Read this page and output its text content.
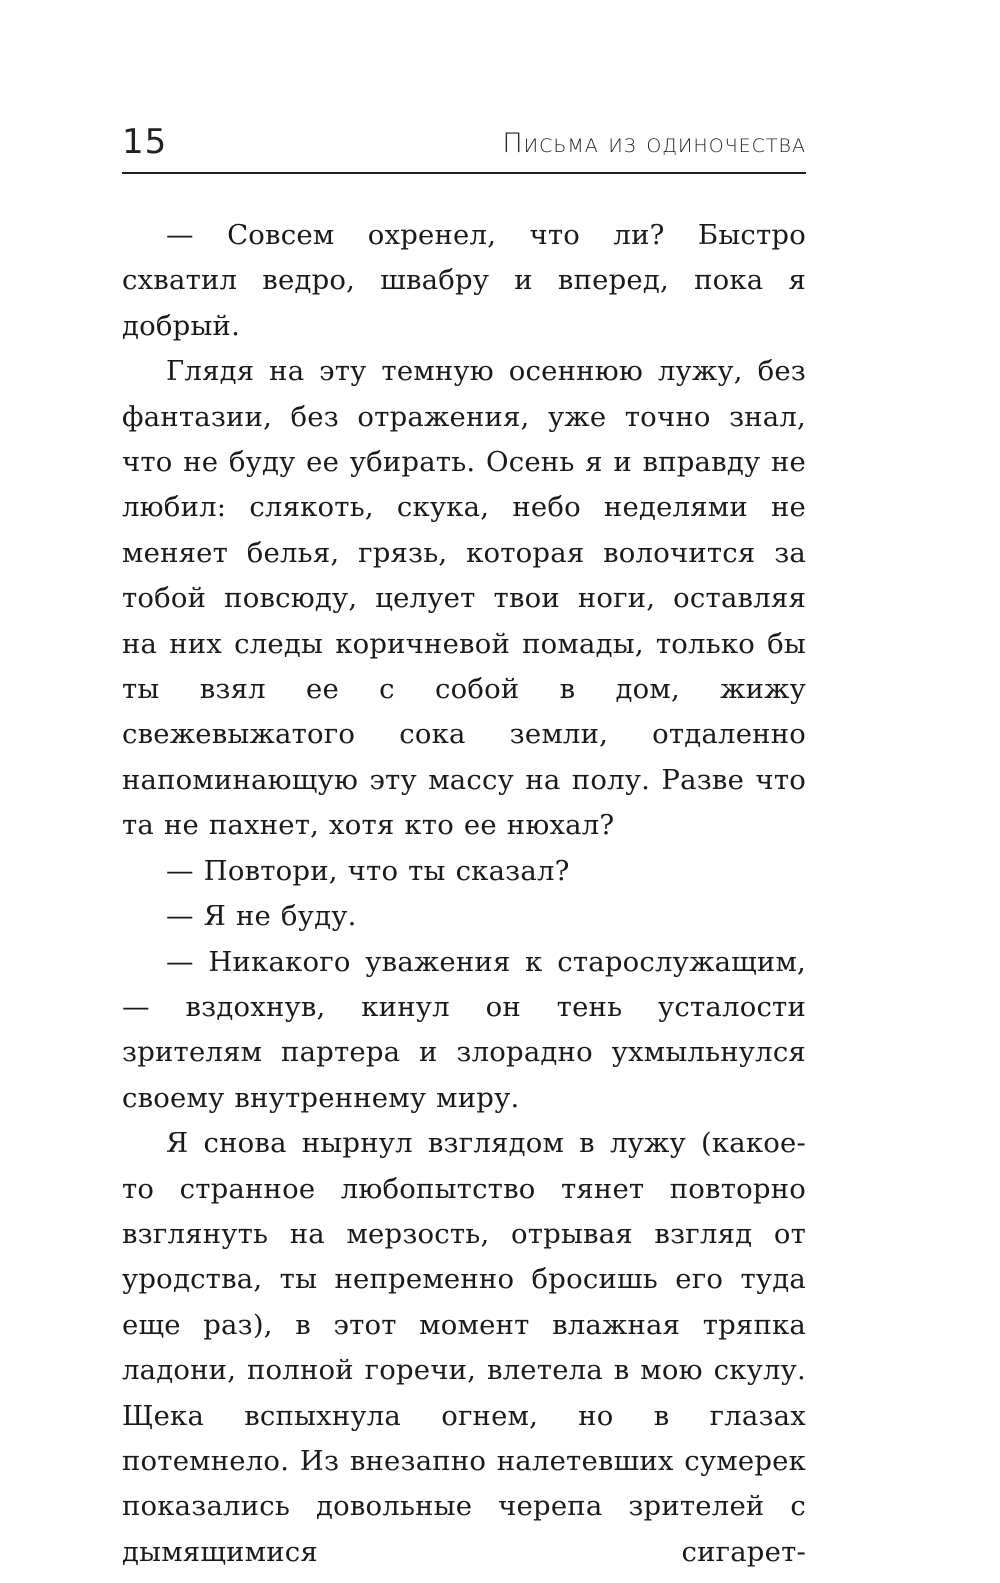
15	Письма из одиночества

— Совсем охренел, что ли? Быстро схватил ведро, швабру и вперед, пока я добрый.

Глядя на эту темную осеннюю лужу, без фантазии, без отражения, уже точно знал, что не буду ее убирать. Осень я и вправду не любил: слякоть, скука, небо неделями не меняет белья, грязь, которая волочится за тобой повсюду, целует твои ноги, оставляя на них следы коричневой помады, только бы ты взял ее с собой в дом, жижу свежевыжатого сока земли, отдаленно напоминающую эту массу на полу. Разве что та не пахнет, хотя кто ее нюхал?

— Повтори, что ты сказал?

— Я не буду.

— Никакого уважения к старослужащим, — вздохнув, кинул он тень усталости зрителям партера и злорадно ухмыльнулся своему внутреннему миру.

Я снова нырнул взглядом в лужу (какое-то странное любопытство тянет повторно взглянуть на мерзость, отрывая взгляд от уродства, ты непременно бросишь его туда еще раз), в этот момент влажная тряпка ладони, полной горечи, влетела в мою скулу. Щека вспыхнула огнем, но в глазах потемнело. Из внезапно налетевших сумерек показались довольные черепа зрителей с дымящимися сигарет-
